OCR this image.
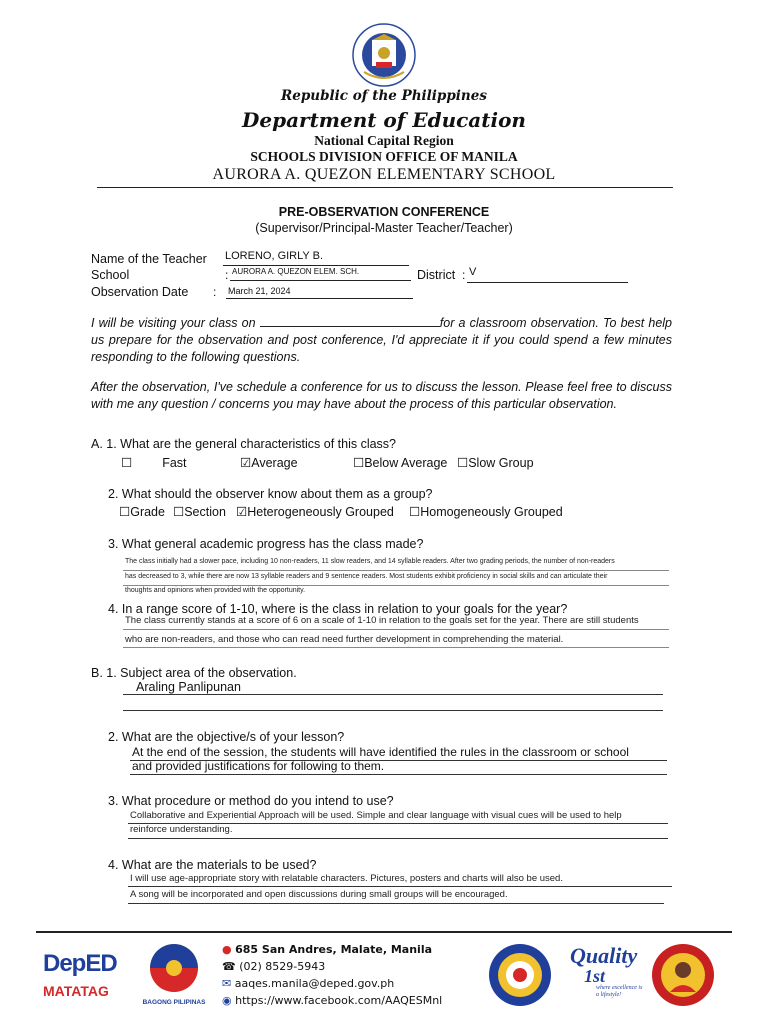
Republic of the Philippines
Department of Education
National Capital Region
SCHOOLS DIVISION OFFICE OF MANILA
AURORA A. QUEZON ELEMENTARY SCHOOL
PRE-OBSERVATION CONFERENCE
(Supervisor/Principal-Master Teacher/Teacher)
Name of the Teacher LORENO, GIRLY B.
School	: AURORA A. QUEZON ELEM. SCH.	District : V
Observation Date : March 21, 2024
I will be visiting your class on	for a classroom observation. To best help us prepare for the observation and post conference, I'd appreciate it if you could spend a few minutes responding to the following questions.
After the observation, I've schedule a conference for us to discuss the lesson. Please feel free to discuss with me any question / concerns you may have about the process of this particular observation.
A. 1. What are the general characteristics of this class?
☐ Fast	☑Average	☐Below Average ☐Slow Group
2. What should the observer know about them as a group?
☐Grade ☐Section ☑Heterogeneously Grouped ☐Homogeneously Grouped
3. What general academic progress has the class made?
The class initially had a slower pace, including 10 non-readers, 11 slow readers, and 14 syllable readers. After two grading periods, the number of non-readers
has decreased to 3, while there are now 13 syllable readers and 9 sentence readers. Most students exhibit proficiency in social skills and can articulate their
thoughts and opinions when provided with the opportunity.
4. In a range score of 1-10, where is the class in relation to your goals for the year?
The class currently stands at a score of 6 on a scale of 1-10 in relation to the goals set for the year. There are still students
who are non-readers, and those who can read need further development in comprehending the material.
B. 1. Subject area of the observation.
Araling Panlipunan
2. What are the objective/s of your lesson?
At the end of the session, the students will have identified the rules in the classroom or school
and provided justifications for following to them.
3. What procedure or method do you intend to use?
Collaborative and Experiential Approach will be used. Simple and clear language with visual cues will be used to help
reinforce understanding.
4. What are the materials to be used?
I will use age-appropriate story with relatable characters. Pictures, posters and charts will also be used.
A song will be incorporated and open discussions during small groups will be encouraged.
DepED
MATATAG
BAGONG PILIPINAS
● 685 San Andres, Malate, Manila
☎ (02) 8529-5943
✉ aaqes.manila@deped.gov.ph
◉ https://www.facebook.com/AAQESMnl
Quality
1st
where excellence is a lifestyle!
